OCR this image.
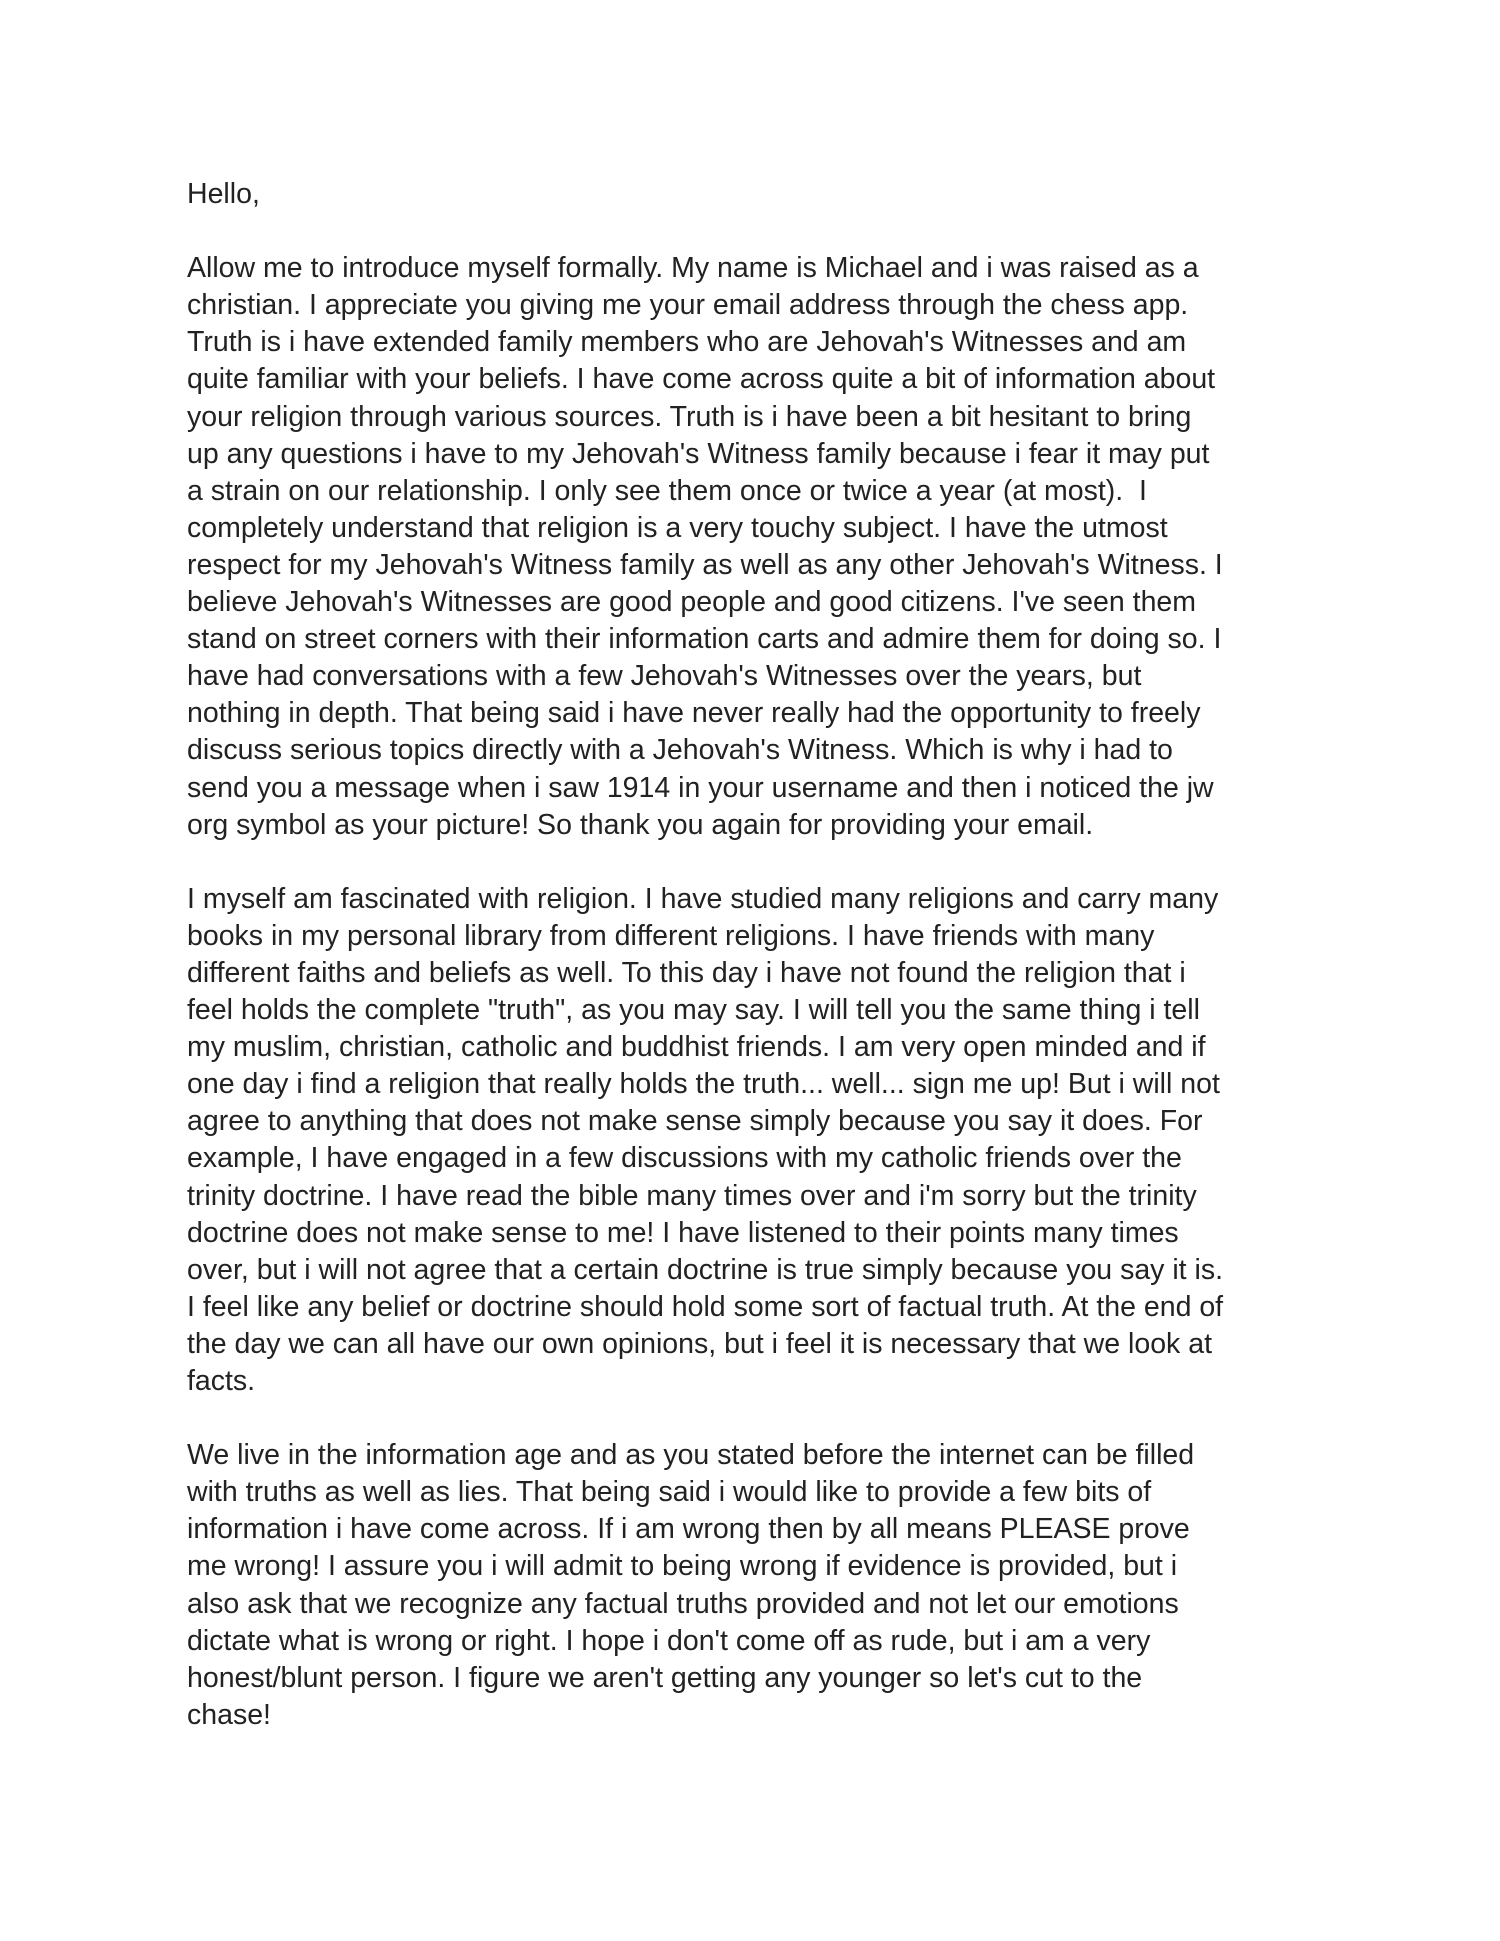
Hello,
Allow me to introduce myself formally. My name is Michael and i was raised as a
christian. I appreciate you giving me your email address through the chess app.
Truth is i have extended family members who are Jehovah's Witnesses and am
quite familiar with your beliefs. I have come across quite a bit of information about
your religion through various sources. Truth is i have been a bit hesitant to bring
up any questions i have to my Jehovah's Witness family because i fear it may put
a strain on our relationship. I only see them once or twice a year (at most).  I
completely understand that religion is a very touchy subject. I have the utmost
respect for my Jehovah's Witness family as well as any other Jehovah's Witness. I
believe Jehovah's Witnesses are good people and good citizens. I've seen them
stand on street corners with their information carts and admire them for doing so. I
have had conversations with a few Jehovah's Witnesses over the years, but
nothing in depth. That being said i have never really had the opportunity to freely
discuss serious topics directly with a Jehovah's Witness. Which is why i had to
send you a message when i saw 1914 in your username and then i noticed the jw
org symbol as your picture! So thank you again for providing your email.
I myself am fascinated with religion. I have studied many religions and carry many
books in my personal library from different religions. I have friends with many
different faiths and beliefs as well. To this day i have not found the religion that i
feel holds the complete "truth", as you may say. I will tell you the same thing i tell
my muslim, christian, catholic and buddhist friends. I am very open minded and if
one day i find a religion that really holds the truth... well... sign me up! But i will not
agree to anything that does not make sense simply because you say it does. For
example, I have engaged in a few discussions with my catholic friends over the
trinity doctrine. I have read the bible many times over and i'm sorry but the trinity
doctrine does not make sense to me! I have listened to their points many times
over, but i will not agree that a certain doctrine is true simply because you say it is.
I feel like any belief or doctrine should hold some sort of factual truth. At the end of
the day we can all have our own opinions, but i feel it is necessary that we look at
facts.
We live in the information age and as you stated before the internet can be filled
with truths as well as lies. That being said i would like to provide a few bits of
information i have come across. If i am wrong then by all means PLEASE prove
me wrong! I assure you i will admit to being wrong if evidence is provided, but i
also ask that we recognize any factual truths provided and not let our emotions
dictate what is wrong or right. I hope i don't come off as rude, but i am a very
honest/blunt person. I figure we aren't getting any younger so let's cut to the
chase!
